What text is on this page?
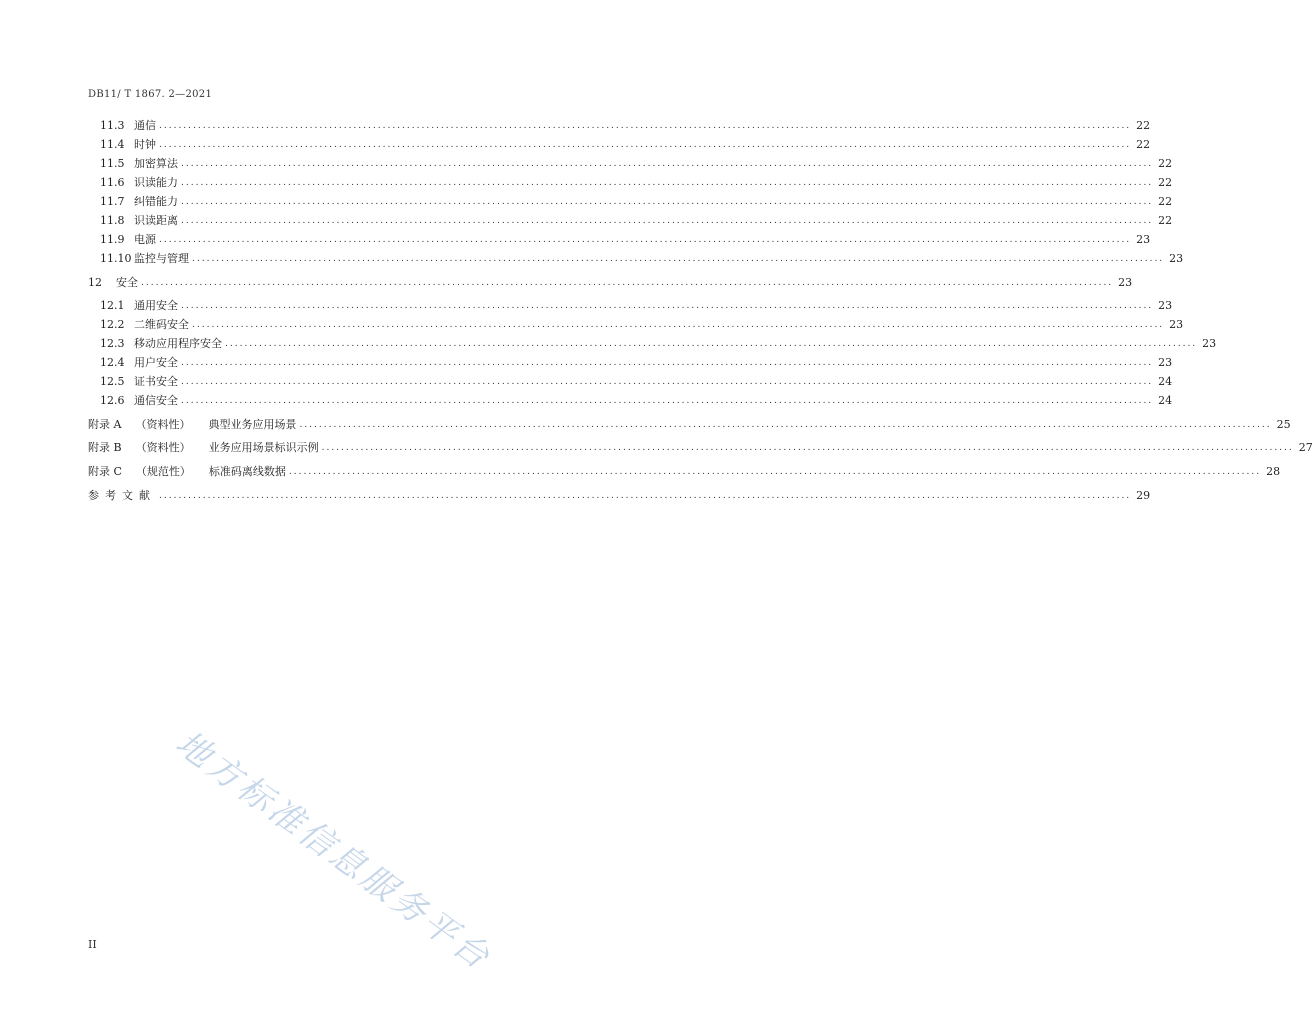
DB11/ T 1867. 2—2021
11.3 通信 ........................................................................................................................................................................................................ 22
11.4 时钟 ........................................................................................................................................................................................................ 22
11.5 加密算法 ........................................................................................................................................................................................................ 22
11.6 识读能力 ........................................................................................................................................................................................................ 22
11.7 纠错能力 ........................................................................................................................................................................................................ 22
11.8 识读距离 ........................................................................................................................................................................................................ 22
11.9 电源 ........................................................................................................................................................................................................ 23
11.10 监控与管理 ........................................................................................................................................................................................................ 23
12	安全 ........................................................................................................................................................................................................ 23
12.1 通用安全 ........................................................................................................................................................................................................ 23
12.2 二维码安全 ........................................................................................................................................................................................................ 23
12.3 移动应用程序安全 ........................................................................................................................................................................................................ 23
12.4 用户安全 ........................................................................................................................................................................................................ 23
12.5 证书安全 ........................................................................................................................................................................................................ 24
12.6 通信安全 ........................................................................................................................................................................................................ 24
附录 A	（资料性）	典型业务应用场景 ........................................................................................................................................................................................................ 25
附录 B	（资料性）	业务应用场景标识示例 ........................................................................................................................................................................................................ 27
附录 C	（规范性）	标准码离线数据 ........................................................................................................................................................................................................ 28
参考文献 ........................................................................................................................................................................................................ 29
地方标准信息服务平台
II
